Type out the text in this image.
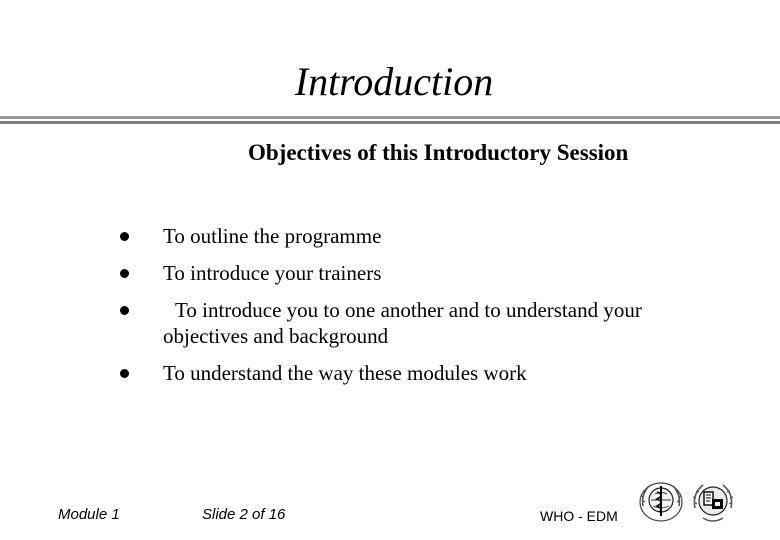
Introduction
Objectives of this Introductory Session
To outline the programme
To introduce your trainers
To introduce you to one another and to understand your objectives and background
To understand the way these modules work
Module 1	Slide 2 of 16	WHO - EDM
